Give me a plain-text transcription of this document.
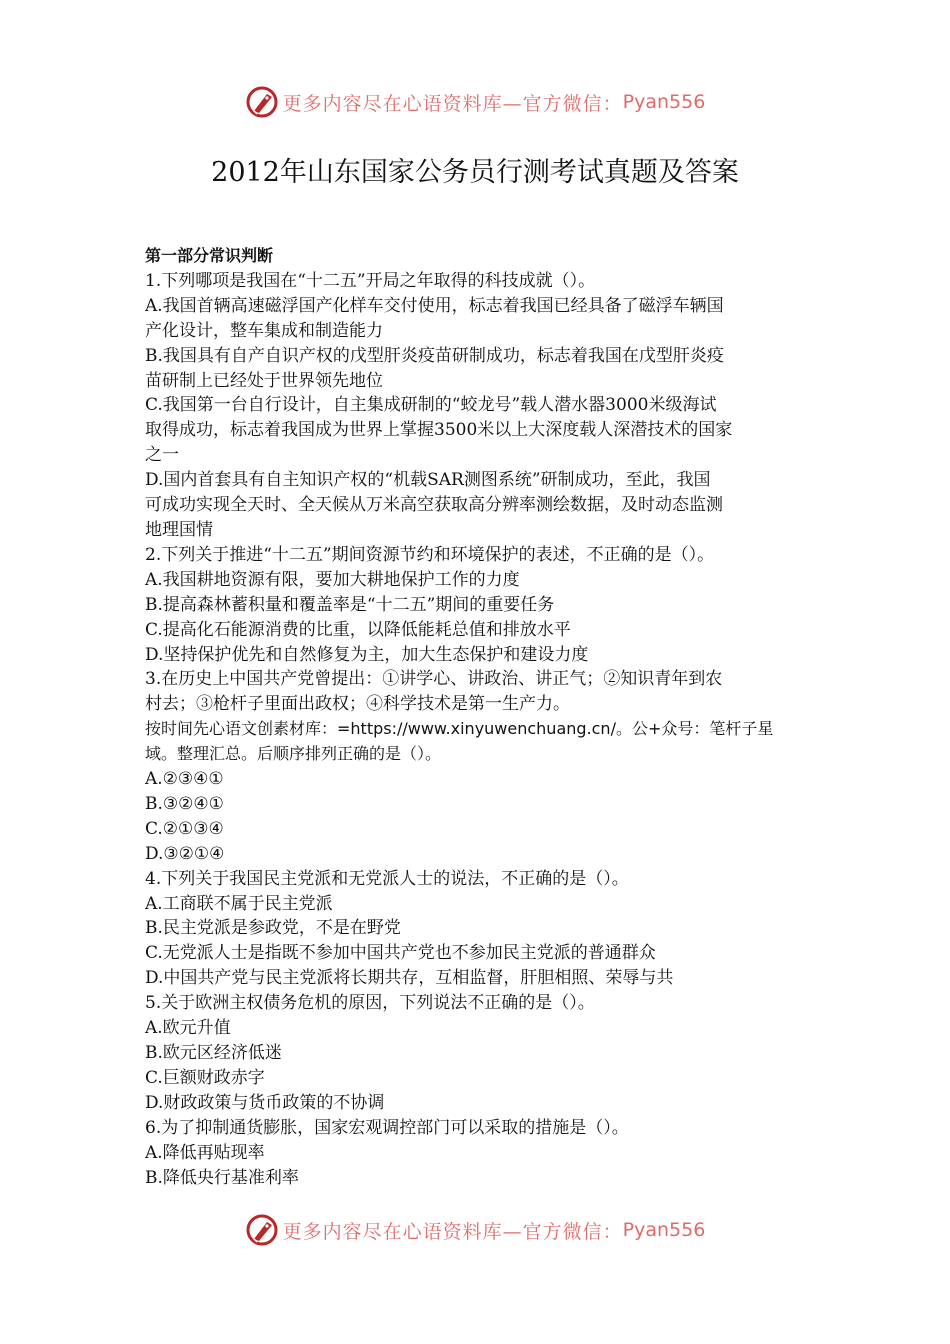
更多内容尽在心语资料库—官方微信： Pyan556
2012年山东国家公务员行测考试真题及答案

第一部分常识判断

1.下列哪项是我国在“十二五”开局之年取得的科技成就（）。

A.我国首辆高速磁浮国产化样车交付使用，标志着我国已经具备了磁浮车辆国

产化设计，整车集成和制造能力

B.我国具有自产自识产权的戊型肝炎疫苗研制成功，标志着我国在戊型肝炎疫

苗研制上已经处于世界领先地位

C.我国第一台自行设计，自主集成研制的“蛟龙号”载人潜水器3000米级海试

取得成功，标志着我国成为世界上掌握3500米以上大深度载人深潜技术的国家

之一

D.国内首套具有自主知识产权的“机载SAR测图系统”研制成功，至此，我国

可成功实现全天时、全天候从万米高空获取高分辨率测绘数据，及时动态监测

地理国情

2.下列关于推进“十二五”期间资源节约和环境保护的表述，不正确的是（）。

A.我国耕地资源有限，要加大耕地保护工作的力度

B.提高森林蓄积量和覆盖率是“十二五”期间的重要任务

C.提高化石能源消费的比重，以降低能耗总值和排放水平

D.坚持保护优先和自然修复为主，加大生态保护和建设力度

3.在历史上中国共产党曾提出：①讲学心、讲政治、讲正气；②知识青年到农

村去；③枪杆子里面出政权；④科学技术是第一生产力。

按时间先心语文创素材库：=https://www.xinyuwenchuang.cn/。公+众号：笔杆子星

域。整理汇总。后顺序排列正确的是（）。

A.②③④①

B.③②④①

C.②①③④

D.③②①④

4.下列关于我国民主党派和无党派人士的说法，不正确的是（）。

A.工商联不属于民主党派

B.民主党派是参政党，不是在野党

C.无党派人士是指既不参加中国共产党也不参加民主党派的普通群众

D.中国共产党与民主党派将长期共存，互相监督，肝胆相照、荣辱与共

5.关于欧洲主权债务危机的原因，下列说法不正确的是（）。

A.欧元升值

B.欧元区经济低迷

C.巨额财政赤字

D.财政政策与货币政策的不协调

6.为了抑制通货膨胀，国家宏观调控部门可以采取的措施是（）。

A.降低再贴现率

B.降低央行基准利率

更多内容尽在心语资料库—官方微信： Pyan556
